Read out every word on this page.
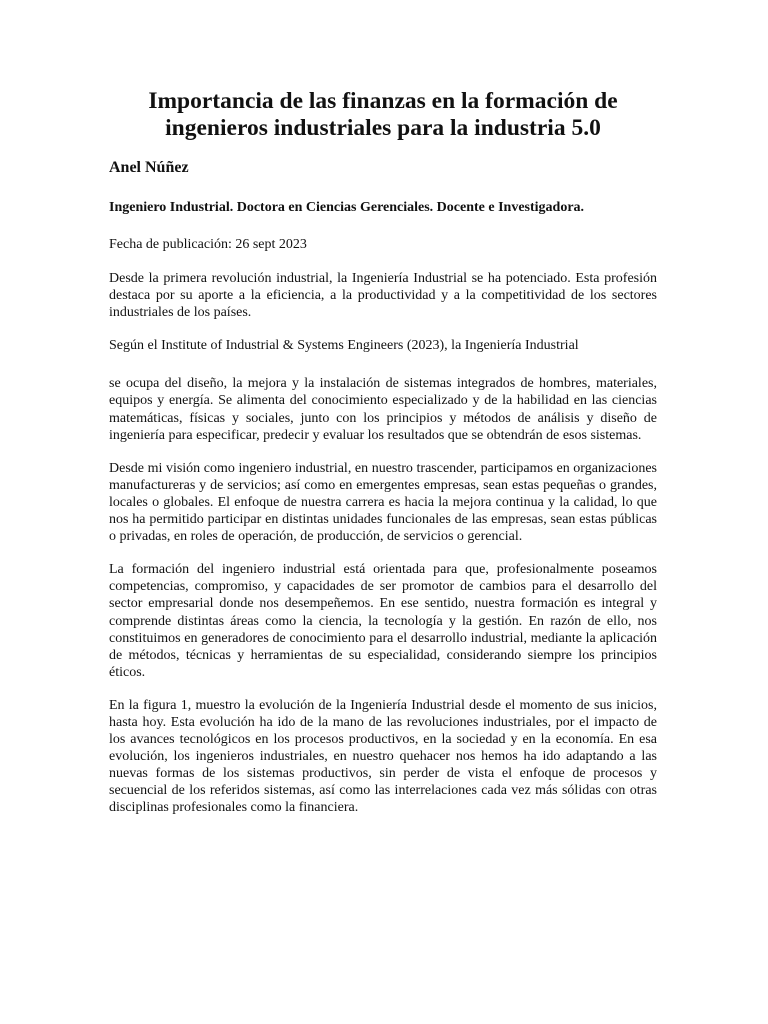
Importancia de las finanzas en la formación de ingenieros industriales para la industria 5.0
Anel Núñez
Ingeniero Industrial. Doctora en Ciencias Gerenciales. Docente e Investigadora.
Fecha de publicación: 26 sept 2023

Desde la primera revolución industrial, la Ingeniería Industrial se ha potenciado. Esta profesión destaca por su aporte a la eficiencia, a la productividad y a la competitividad de los sectores industriales de los países.

Según el Institute of Industrial & Systems Engineers (2023), la Ingeniería Industrial

se ocupa del diseño, la mejora y la instalación de sistemas integrados de hombres, materiales, equipos y energía. Se alimenta del conocimiento especializado y de la habilidad en las ciencias matemáticas, físicas y sociales, junto con los principios y métodos de análisis y diseño de ingeniería para especificar, predecir y evaluar los resultados que se obtendrán de esos sistemas.

Desde mi visión como ingeniero industrial, en nuestro trascender, participamos en organizaciones manufactureras y de servicios; así como en emergentes empresas, sean estas pequeñas o grandes, locales o globales. El enfoque de nuestra carrera es hacia la mejora continua y la calidad, lo que nos ha permitido participar en distintas unidades funcionales de las empresas, sean estas públicas o privadas, en roles de operación, de producción, de servicios o gerencial.

La formación del ingeniero industrial está orientada para que, profesionalmente poseamos competencias, compromiso, y capacidades de ser promotor de cambios para el desarrollo del sector empresarial donde nos desempeñemos. En ese sentido, nuestra formación es integral y comprende distintas áreas como la ciencia, la tecnología y la gestión. En razón de ello, nos constituimos en generadores de conocimiento para el desarrollo industrial, mediante la aplicación de métodos, técnicas y herramientas de su especialidad, considerando siempre los principios éticos.

En la figura 1, muestro la evolución de la Ingeniería Industrial desde el momento de sus inicios, hasta hoy. Esta evolución ha ido de la mano de las revoluciones industriales, por el impacto de los avances tecnológicos en los procesos productivos, en la sociedad y en la economía. En esa evolución, los ingenieros industriales, en nuestro quehacer nos hemos ha ido adaptando a las nuevas formas de los sistemas productivos, sin perder de vista el enfoque de procesos y secuencial de los referidos sistemas, así como las interrelaciones cada vez más sólidas con otras disciplinas profesionales como la financiera.
